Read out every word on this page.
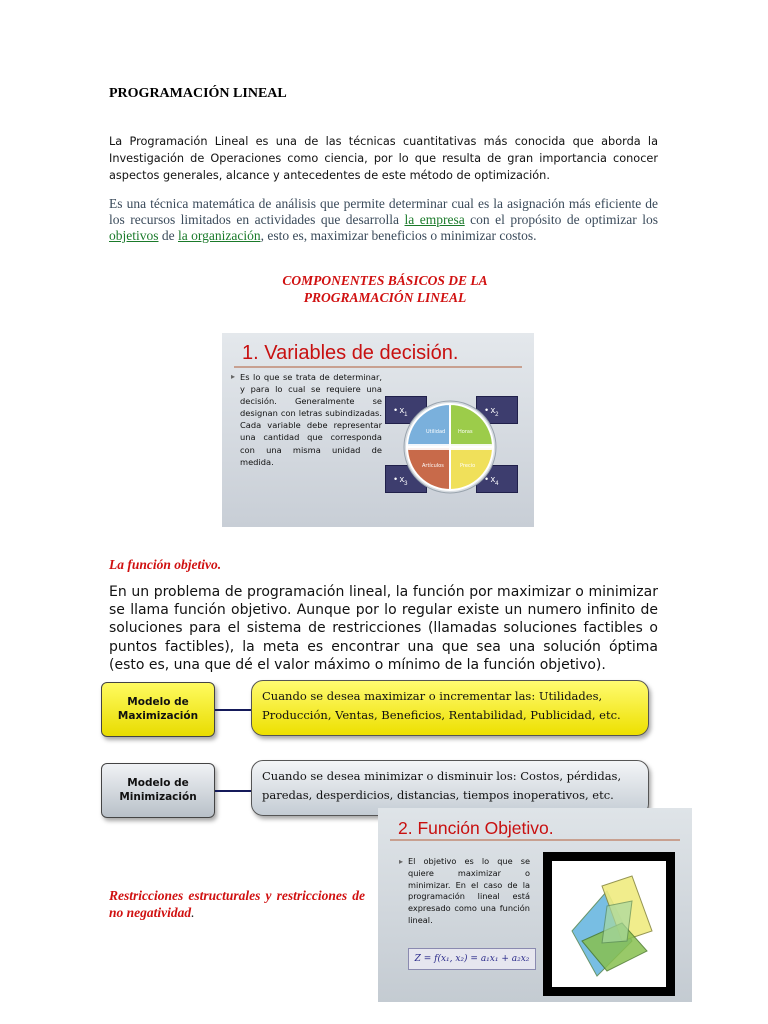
PROGRAMACIÓN LINEAL
La Programación Lineal es una de las técnicas cuantitativas más conocida que aborda la Investigación de Operaciones como ciencia, por lo que resulta de gran importancia conocer aspectos generales, alcance y antecedentes de este método de optimización.
Es una técnica matemática de análisis que permite determinar cual es la asignación más eficiente de los recursos limitados en actividades que desarrolla la empresa con el propósito de optimizar los objetivos de la organización, esto es, maximizar beneficios o minimizar costos.
COMPONENTES BÁSICOS DE LA PROGRAMACIÓN LINEAL
1. Variables de decisión.
▸ Es lo que se trata de determinar, y para lo cual se requiere una decisión. Generalmente se designan con letras subindizadas. Cada variable debe representar una cantidad que corresponda con una misma unidad de medida.
• $x_1$	• $x_2$
• $x_3$	• $x_4$
Utilidad	Horas
Artículos	Precio
La función objetivo.
En un problema de programación lineal, la función por maximizar o minimizar se llama función objetivo. Aunque por lo regular existe un numero infinito de soluciones para el sistema de restricciones (llamadas soluciones factibles o puntos factibles), la meta es encontrar una que sea una solución óptima (esto es, una que dé el valor máximo o mínimo de la función objetivo).
Modelo de Maximización
Cuando se desea maximizar o incrementar las: Utilidades, Producción, Ventas, Beneficios, Rentabilidad, Publicidad, etc.
Modelo de Minimización
Cuando se desea minimizar o disminuir los: Costos, pérdidas, paredas, desperdicios, distancias, tiempos inoperativos, etc.
Restricciones estructurales y restricciones de no negatividad.
2. Función Objetivo.
▸ El objetivo es lo que se quiere maximizar o minimizar. En el caso de la programación lineal está expresado como una función lineal.
Z = f(x₁, x₂) = a₁x₁ + a₂x₂
